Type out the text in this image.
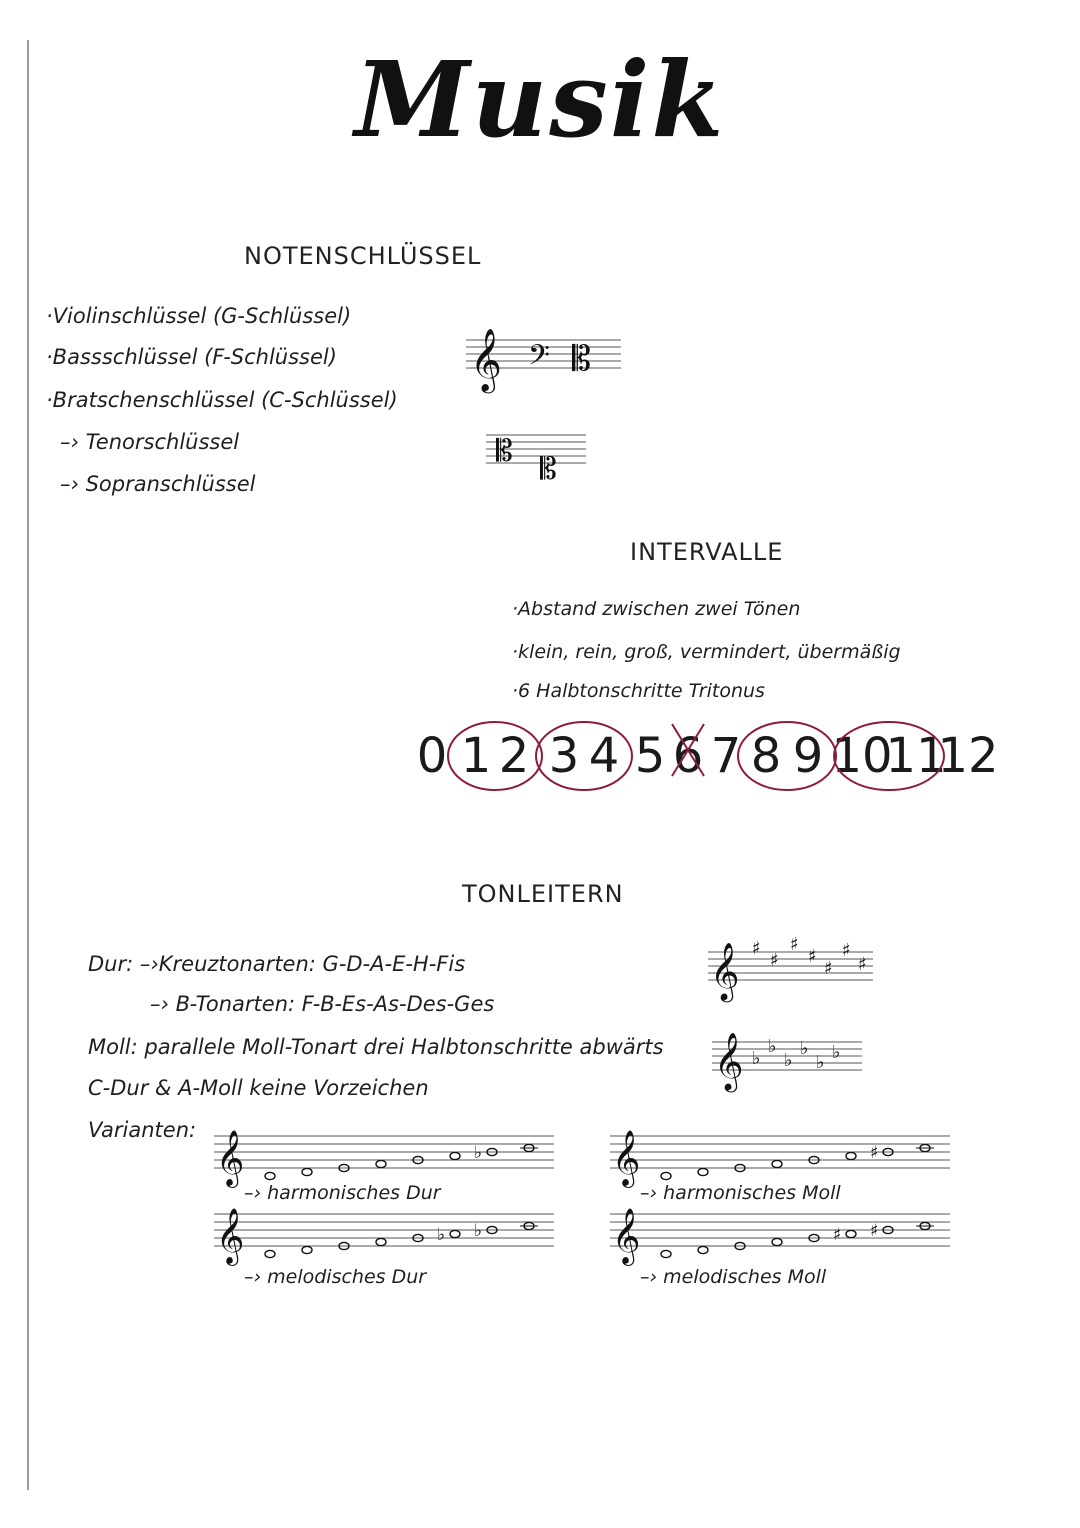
Musik
NOTENSCHLÜSSEL
·Violinschlüssel (G-Schlüssel)
·Bassschlüssel (F-Schlüssel)
·Bratschenschlüssel (C-Schlüssel)
–› Tenorschlüssel
–› Sopranschlüssel
𝄞 𝄢 𝄡
𝄡
𝄡
INTERVALLE
·Abstand zwischen zwei Tönen
·klein, rein, groß, vermindert, übermäßig
·6 Halbtonschritte Tritonus
0 1 2 3 4 5 6 7 8 9 10
11
12
TONLEITERN
Dur: –›Kreuztonarten: G-D-A-E-H-Fis
–› B-Tonarten: F-B-Es-As-Des-Ges
Moll: parallele Moll-Tonart drei Halbtonschritte abwärts
C-Dur & A-Moll keine Vorzeichen
Varianten:
𝄞 ♯
♯
♯
♯
♯
♯
♯
𝄞 ♭
♭
♭
♭
♭ ♭
𝄞	♭
–› harmonisches Dur
𝄞	♭ ♭
–› melodisches Dur
𝄞	♯
–› harmonisches Moll
𝄞	♯ ♯
–› melodisches Moll
